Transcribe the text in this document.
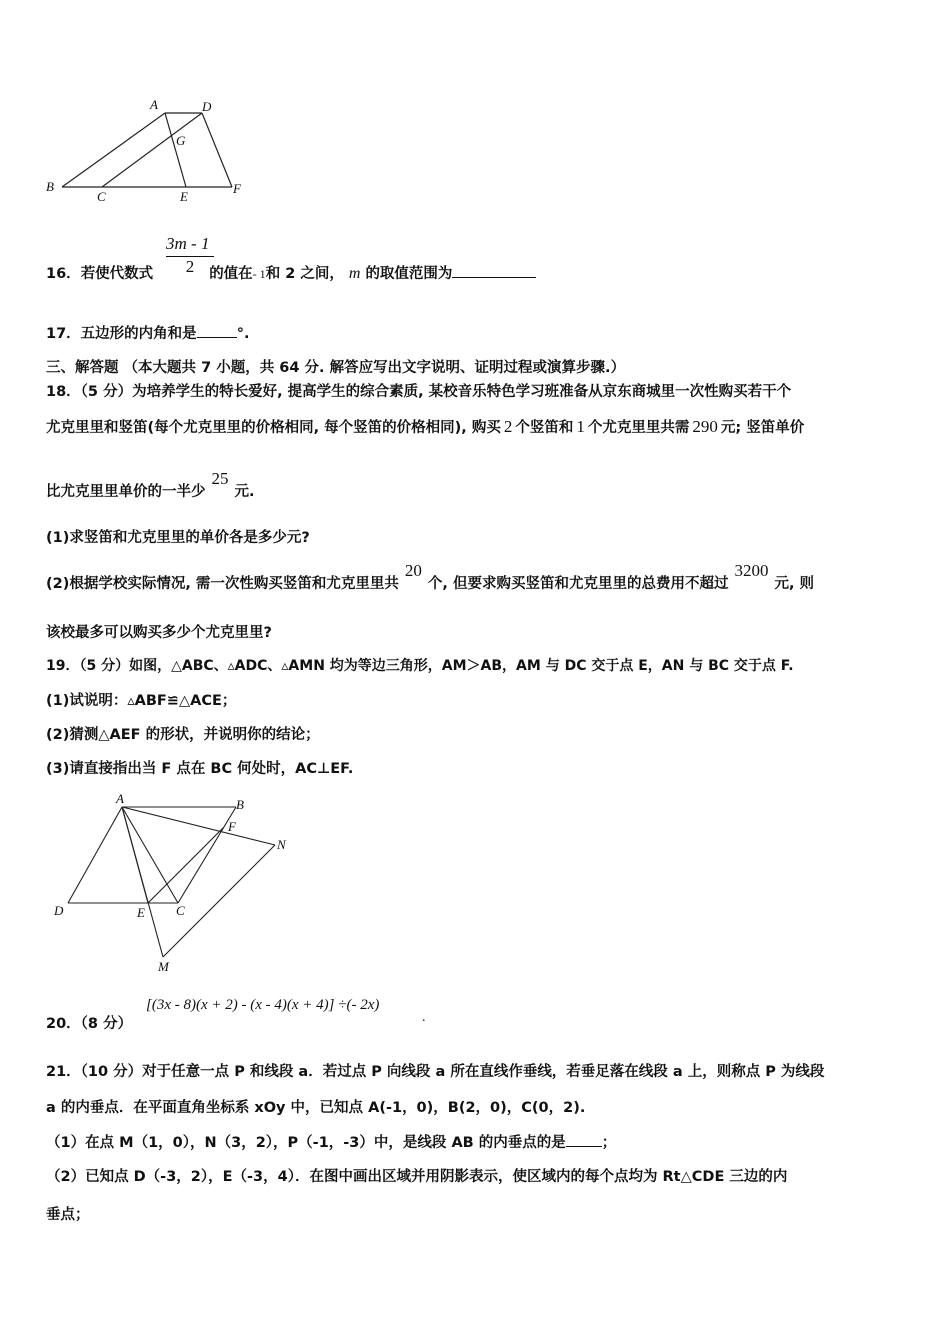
A	D
G
B
C	E
F
3m - 1
2
16．若使代数式	的值在- 1和 2 之间， m 的取值范围为
17．五边形的内角和是	°.
三、解答题 （本大题共 7 小题，共 64 分. 解答应写出文字说明、证明过程或演算步骤.）
18．（5 分）为培养学生的特长爱好, 提高学生的综合素质, 某校音乐特色学习班准备从京东商城里一次性购买若干个
尤克里里和竖笛(每个尤克里里的价格相同, 每个竖笛的价格相同), 购买 2 个竖笛和 1 个尤克里里共需 290 元; 竖笛单价
比尤克里里单价的一半少25元.
(1)求竖笛和尤克里里的单价各是多少元?
(2)根据学校实际情况, 需一次性购买竖笛和尤克里里共20个, 但要求购买竖笛和尤克里里的总费用不超过3200元, 则
该校最多可以购买多少个尤克里里?
19．（5 分）如图，△ABC、▵ADC、▵AMN 均为等边三角形，AM＞AB，AM 与 DC 交于点 E，AN 与 BC 交于点 F.
(1)试说明：▵ABF≌△ACE；
(2)猜测△AEF 的形状，并说明你的结论；
(3)请直接指出当 F 点在 BC 何处时，AC⊥EF.
A	B
F
N
D	E C
M
[(3x - 8)(x + 2) - (x - 4)(x + 4)] ÷(- 2x)
20．（8 分）	.
21．（10 分）对于任意一点 P 和线段 a．若过点 P 向线段 a 所在直线作垂线，若垂足落在线段 a 上，则称点 P 为线段
a 的内垂点．在平面直角坐标系 xOy 中，已知点 A(-1，0)，B(2，0)，C(0，2).
（1）在点 M（1，0），N（3，2），P（-1，-3）中，是线段 AB 的内垂点的是 ；
（2）已知点 D（-3，2），E（-3，4）．在图中画出区域并用阴影表示，使区域内的每个点均为 Rt△CDE 三边的内
垂点；
